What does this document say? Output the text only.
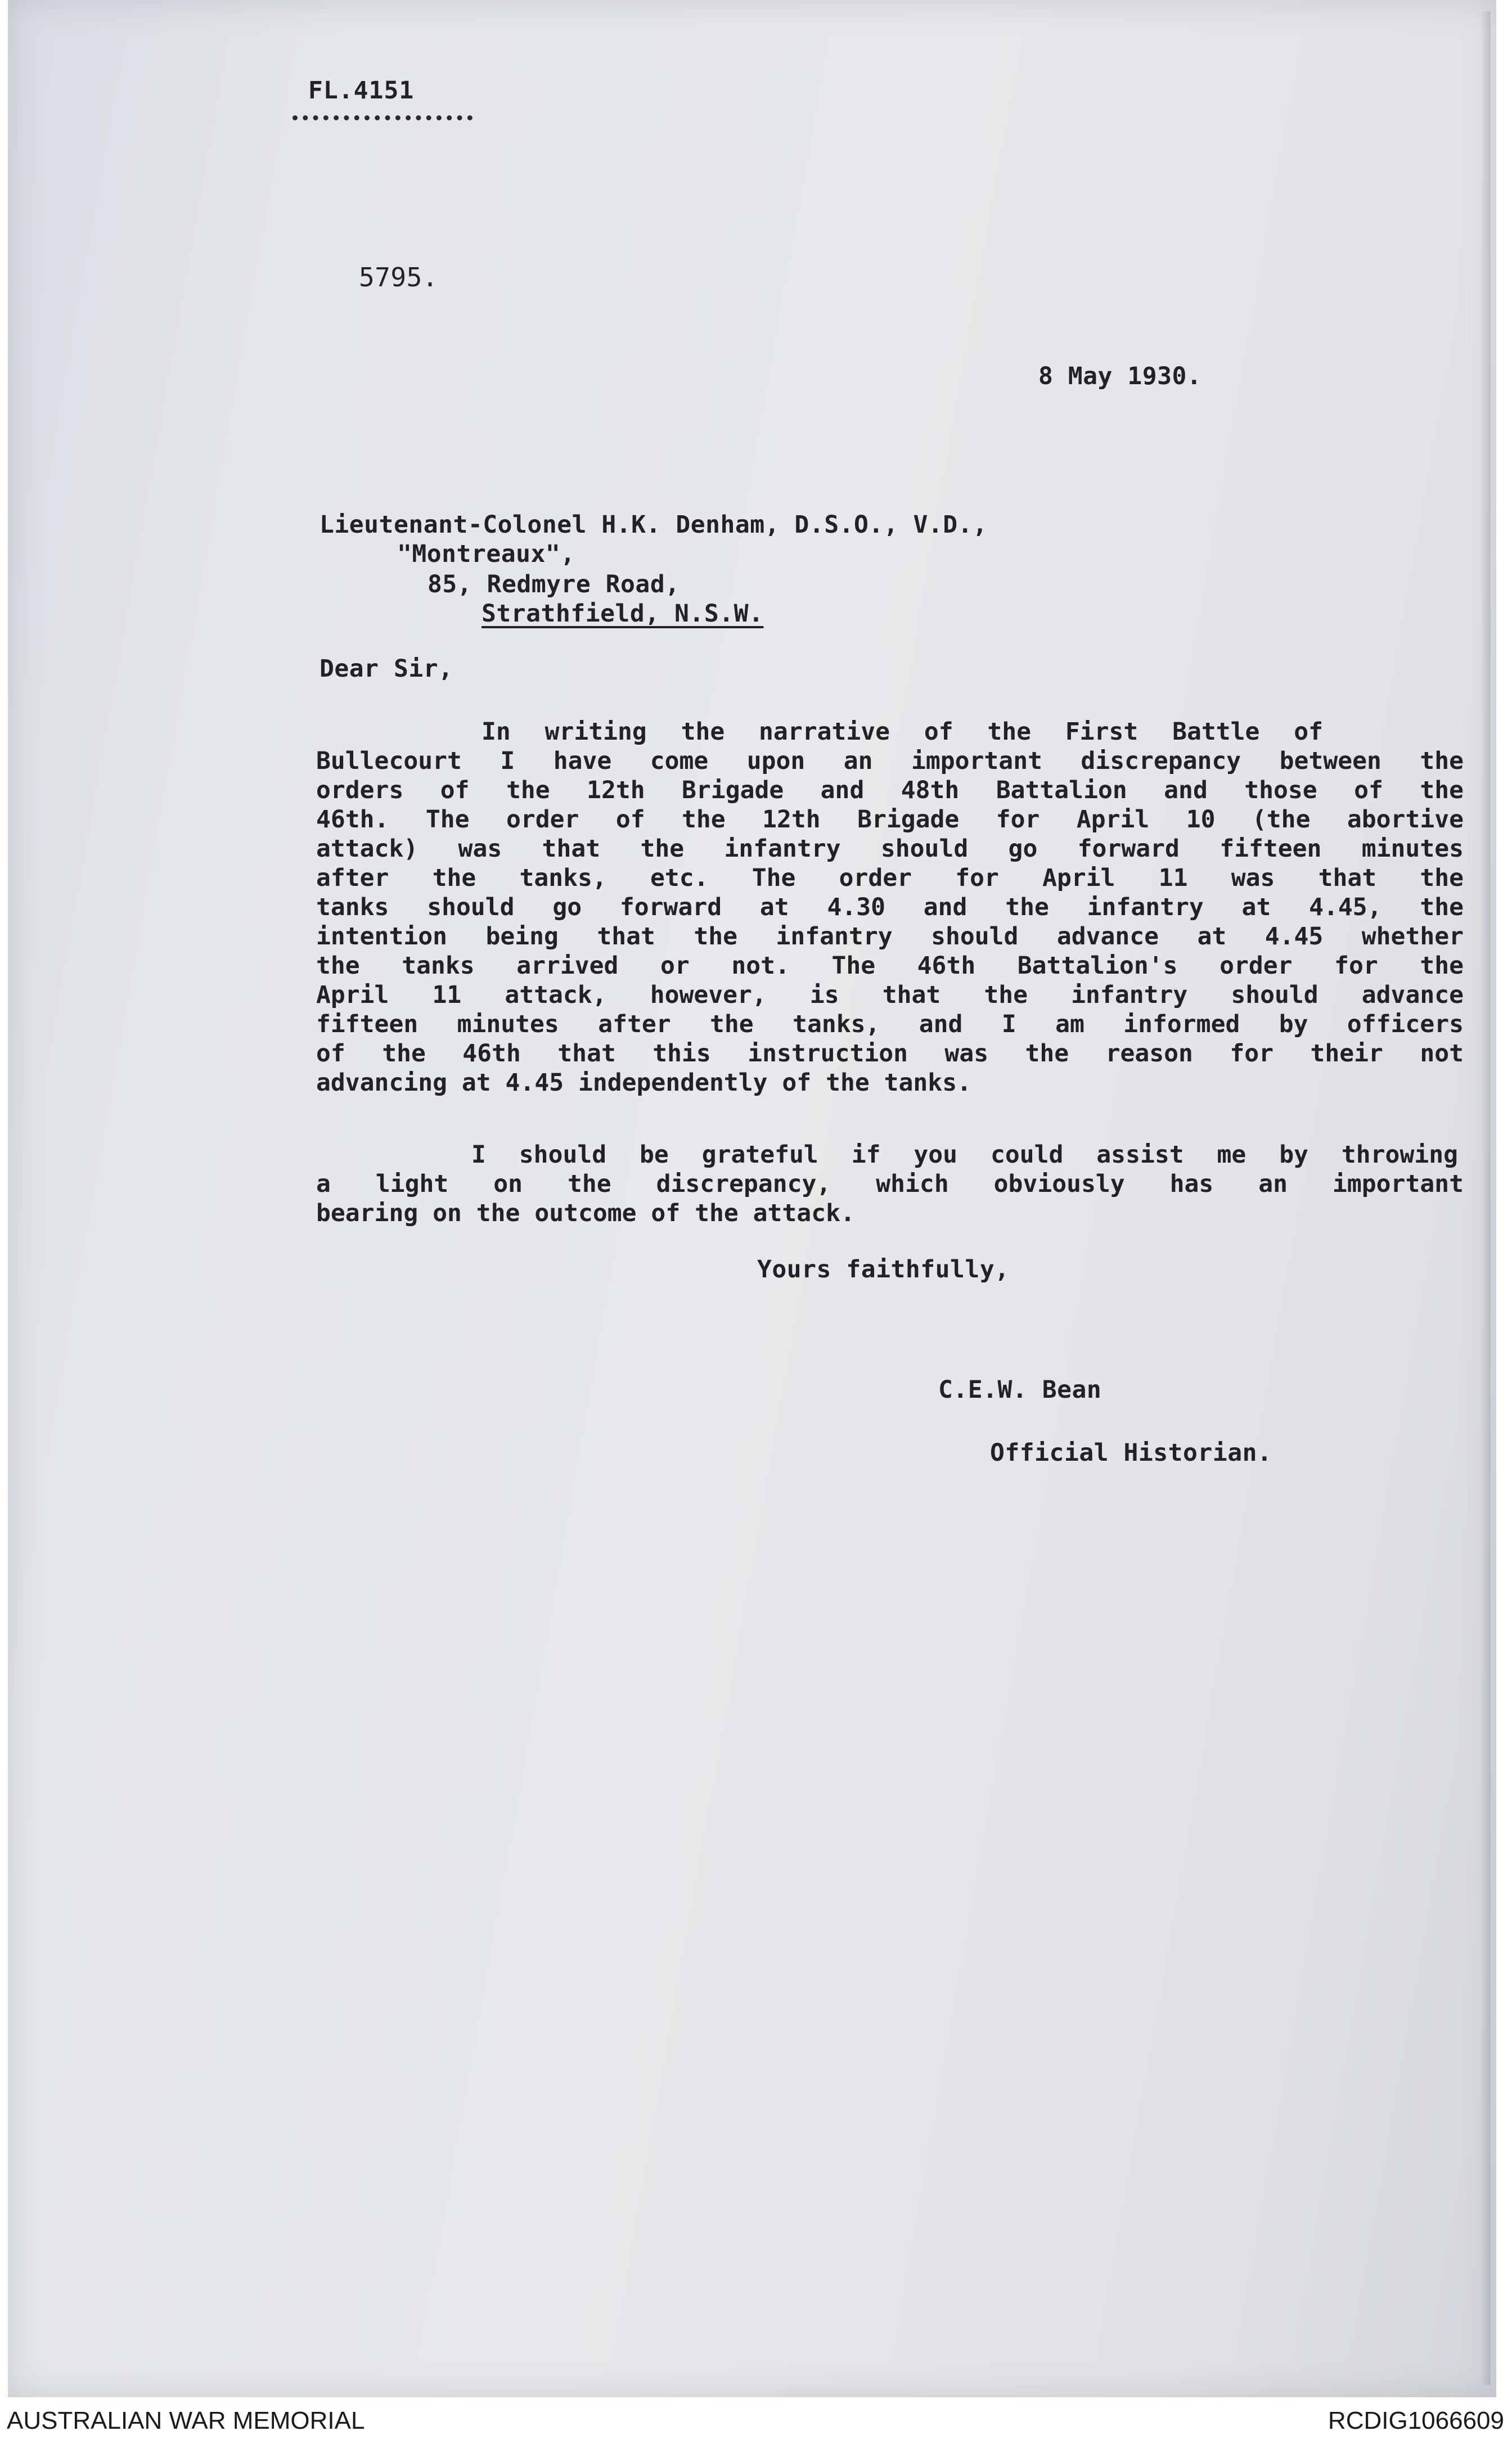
FL.4151
5795.
8 May 1930.
Lieutenant-Colonel H.K. Denham, D.S.O., V.D.,
"Montreaux",
85, Redmyre Road,
Strathfield, N.S.W.
Dear Sir,
In writing the narrative of the First Battle of
Bullecourt I have come upon an important discrepancy between the
orders of the 12th Brigade and 48th Battalion and those of the
46th. The order of the 12th Brigade for April 10 (the abortive
attack) was that the infantry should go forward fifteen minutes
after the tanks, etc. The order for April 11 was that the
tanks should go forward at 4.30 and the infantry at 4.45, the
intention being that the infantry should advance at 4.45 whether
the tanks arrived or not. The 46th Battalion's order for the
April 11 attack, however, is that the infantry should advance
fifteen minutes after the tanks, and I am informed by officers
of the 46th that this instruction was the reason for their not
advancing at 4.45 independently of the tanks.
I should be grateful if you could assist me by throwing
a light on the discrepancy, which obviously has an important
bearing on the outcome of the attack.
Yours faithfully,
C.E.W. Bean
Official Historian.
AUSTRALIAN WAR MEMORIAL	RCDIG1066609
